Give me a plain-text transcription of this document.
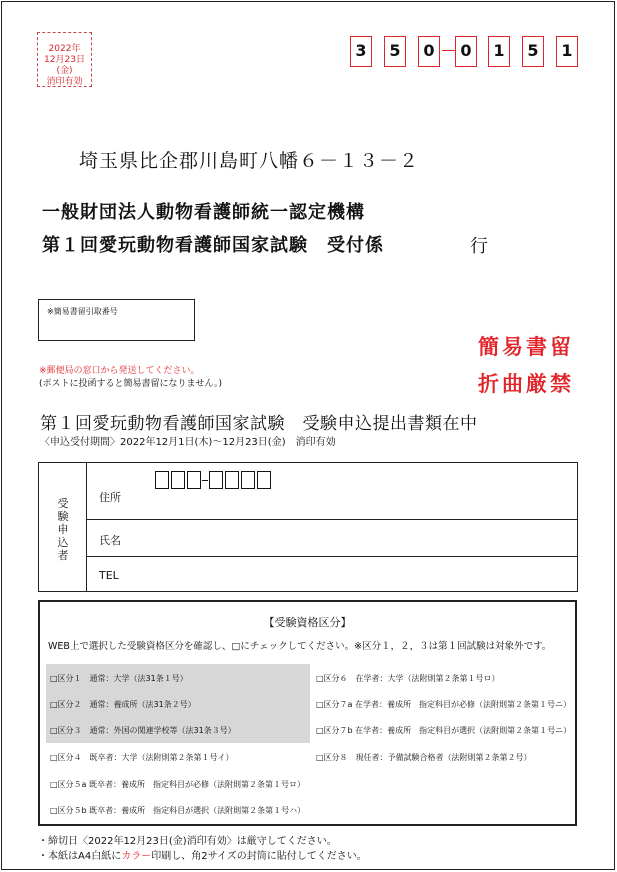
2022年
12月23日(金)
消印有効
3	5	0	0	1	5	1
埼玉県比企郡川島町八幡６－１３－２
一般財団法人動物看護師統一認定機構
第１回愛玩動物看護師国家試験　受付係	行
※簡易書留引取番号
簡易書留
折曲厳禁
※郵便局の窓口から発送してください。
(ポストに投函すると簡易書留になりません。)
第１回愛玩動物看護師国家試験　受験申込提出書類在中
〈申込受付期間〉2022年12月1日(木)～12月23日(金)　消印有効
受験申込者
住所
氏名
TEL
【受験資格区分】
WEB上で選択した受験資格区分を確認し、□にチェックしてください。※区分１，２，３は第１回試験は対象外です。
□区分１　通常：大学（法31条１号）
□区分２　通常：養成所（法31条２号）
□区分３　通常：外国の関連学校等（法31条３号）
□区分４　既卒者：大学（法附則第２条第１号イ）
□区分５a 既卒者：養成所　指定科目が必修（法附則第２条第１号ロ）
□区分５b 既卒者：養成所　指定科目が選択（法附則第２条第１号ハ）
□区分６　在学者：大学（法附則第２条第１号ロ）
□区分７a 在学者：養成所　指定科目が必修（法附則第２条第１号ニ）
□区分７b 在学者：養成所　指定科目が選択（法附則第２条第１号ニ）
□区分８　現任者：予備試験合格者（法附則第２条第２号）
・締切日〈2022年12月23日(金)消印有効〉は厳守してください。
・本紙はA4白紙にカラー印刷し、角2サイズの封筒に貼付してください。
